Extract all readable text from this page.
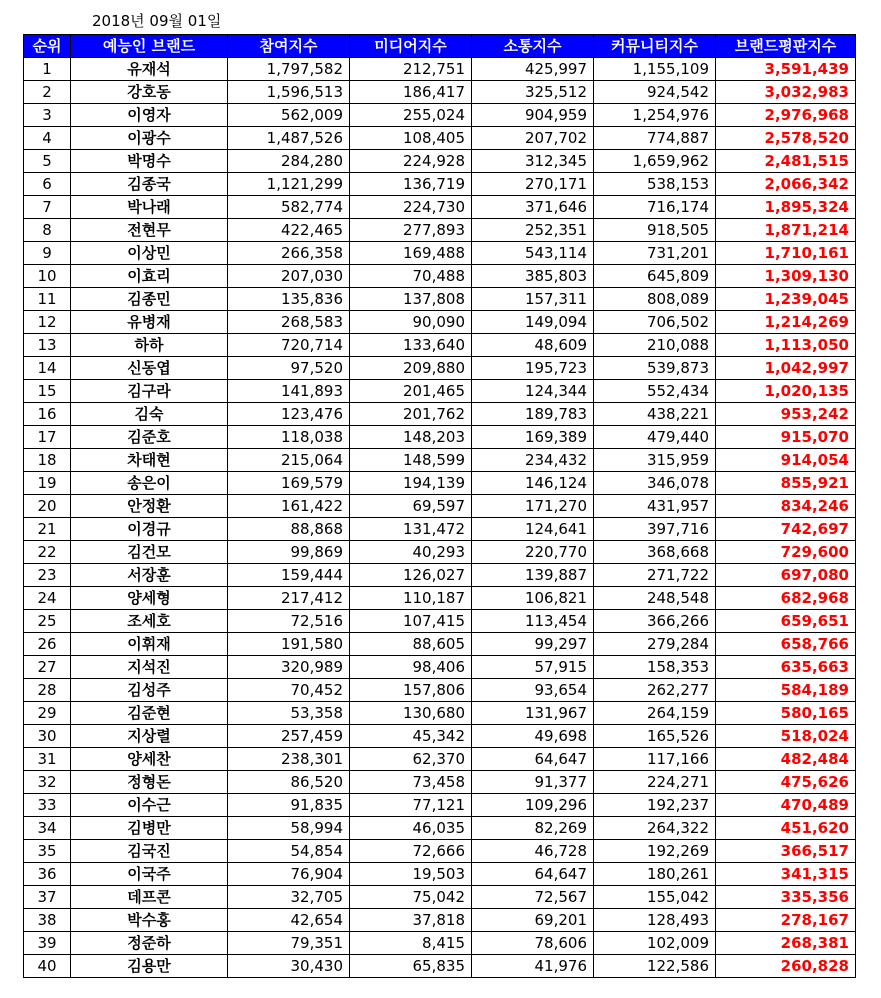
2018년 09월 01일
순위	예능인 브랜드	참여지수	미디어지수	소통지수	커뮤니티지수	브랜드평판지수
1	유재석	1,797,582	212,751	425,997	1,155,109	3,591,439
2	강호동	1,596,513	186,417	325,512	924,542	3,032,983
3	이영자	562,009	255,024	904,959	1,254,976	2,976,968
4	이광수	1,487,526	108,405	207,702	774,887	2,578,520
5	박명수	284,280	224,928	312,345	1,659,962	2,481,515
6	김종국	1,121,299	136,719	270,171	538,153	2,066,342
7	박나래	582,774	224,730	371,646	716,174	1,895,324
8	전현무	422,465	277,893	252,351	918,505	1,871,214
9	이상민	266,358	169,488	543,114	731,201	1,710,161
10	이효리	207,030	70,488	385,803	645,809	1,309,130
11	김종민	135,836	137,808	157,311	808,089	1,239,045
12	유병재	268,583	90,090	149,094	706,502	1,214,269
13	하하	720,714	133,640	48,609	210,088	1,113,050
14	신동엽	97,520	209,880	195,723	539,873	1,042,997
15	김구라	141,893	201,465	124,344	552,434	1,020,135
16	김숙	123,476	201,762	189,783	438,221	953,242
17	김준호	118,038	148,203	169,389	479,440	915,070
18	차태현	215,064	148,599	234,432	315,959	914,054
19	송은이	169,579	194,139	146,124	346,078	855,921
20	안정환	161,422	69,597	171,270	431,957	834,246
21	이경규	88,868	131,472	124,641	397,716	742,697
22	김건모	99,869	40,293	220,770	368,668	729,600
23	서장훈	159,444	126,027	139,887	271,722	697,080
24	양세형	217,412	110,187	106,821	248,548	682,968
25	조세호	72,516	107,415	113,454	366,266	659,651
26	이휘재	191,580	88,605	99,297	279,284	658,766
27	지석진	320,989	98,406	57,915	158,353	635,663
28	김성주	70,452	157,806	93,654	262,277	584,189
29	김준현	53,358	130,680	131,967	264,159	580,165
30	지상렬	257,459	45,342	49,698	165,526	518,024
31	양세찬	238,301	62,370	64,647	117,166	482,484
32	정형돈	86,520	73,458	91,377	224,271	475,626
33	이수근	91,835	77,121	109,296	192,237	470,489
34	김병만	58,994	46,035	82,269	264,322	451,620
35	김국진	54,854	72,666	46,728	192,269	366,517
36	이국주	76,904	19,503	64,647	180,261	341,315
37	데프콘	32,705	75,042	72,567	155,042	335,356
38	박수홍	42,654	37,818	69,201	128,493	278,167
39	정준하	79,351	8,415	78,606	102,009	268,381
40	김용만	30,430	65,835	41,976	122,586	260,828
